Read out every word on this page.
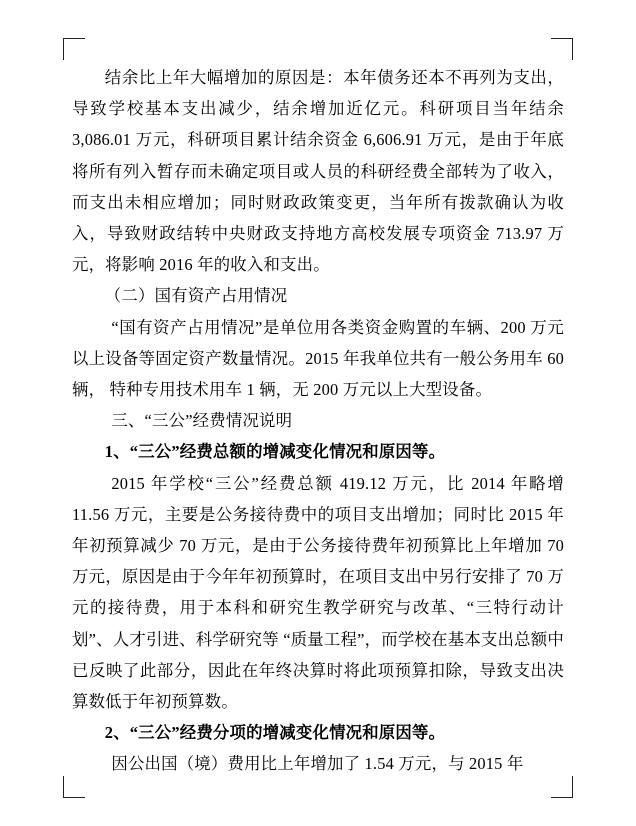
结余比上年大幅增加的原因是：本年债务还本不再列为支出，导致学校基本支出减少，结余增加近亿元。科研项目当年结余 3,086.01 万元，科研项目累计结余资金 6,606.91 万元，是由于年底将所有列入暂存而未确定项目或人员的科研经费全部转为了收入，而支出未相应增加；同时财政政策变更，当年所有拨款确认为收入，导致财政结转中央财政支持地方高校发展专项资金 713.97 万元，将影响 2016 年的收入和支出。

（二）国有资产占用情况

“国有资产占用情况”是单位用各类资金购置的车辆、200 万元以上设备等固定资产数量情况。2015 年我单位共有一般公务用车 60 辆， 特种专用技术用车 1 辆，无 200 万元以上大型设备。

三、“三公”经费情况说明

1、“三公”经费总额的增减变化情况和原因等。

2015 年学校“三公”经费总额 419.12 万元，比 2014 年略增 11.56 万元，主要是公务接待费中的项目支出增加；同时比 2015 年年初预算减少 70 万元，是由于公务接待费年初预算比上年增加 70 万元，原因是由于今年年初预算时，在项目支出中另行安排了 70 万元的接待费，用于本科和研究生教学研究与改革、“三特行动计划”、人才引进、科学研究等 “质量工程”，而学校在基本支出总额中已反映了此部分，因此在年终决算时将此项预算扣除，导致支出决算数低于年初预算数。

2、“三公”经费分项的增减变化情况和原因等。

因公出国（境）费用比上年增加了 1.54 万元，与 2015 年
